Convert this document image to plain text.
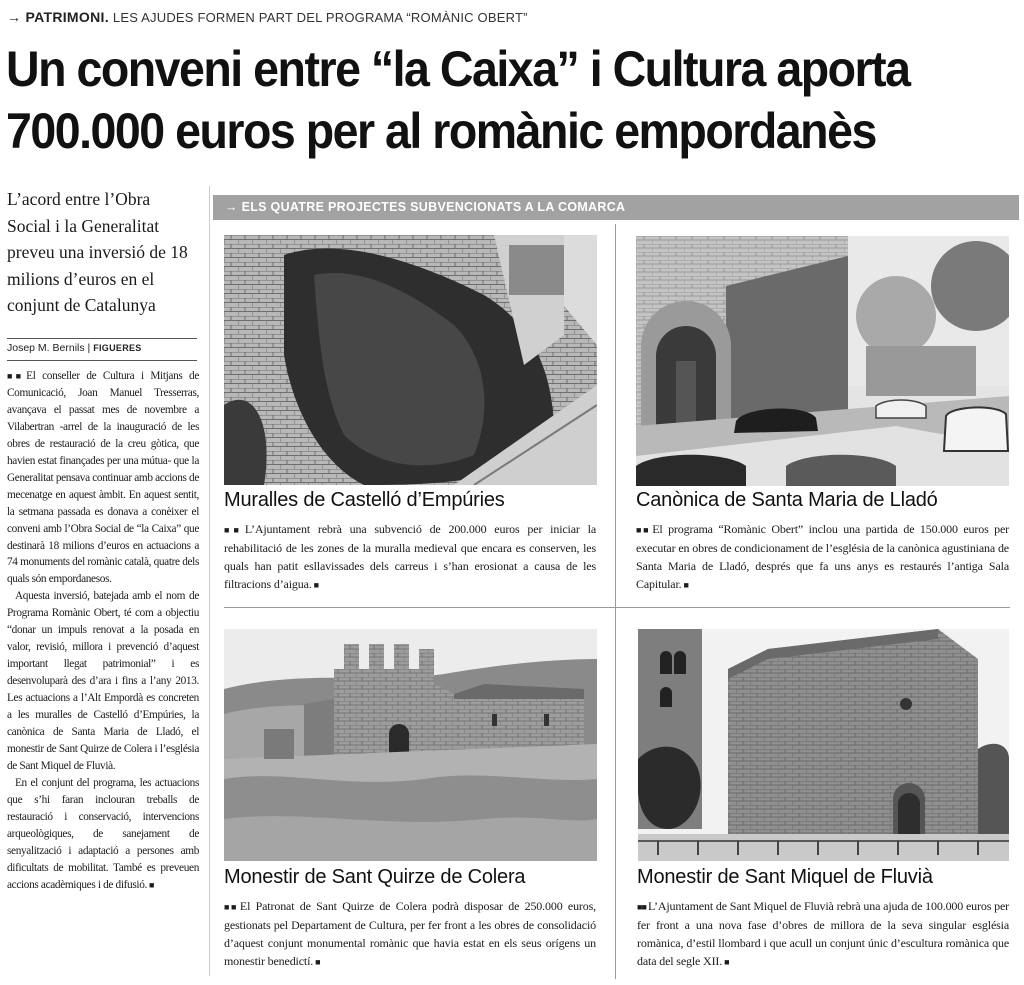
→ PATRIMONI. LES AJUDES FORMEN PART DEL PROGRAMA “ROMÀNIC OBERT”
Un conveni entre “la Caixa” i Cultura aporta
700.000 euros per al romànic empordanès
L’acord entre l’Obra Social i la Generalitat preveu una inversió de 18 milions d’euros en el conjunt de Catalunya
Josep M. Bernils | FIGUERES

■■ El conseller de Cultura i Mitjans de Comunicació, Joan Manuel Tresserras, avançava el passat mes de novembre a Vilabertran -arrel de la inauguració de les obres de restauració de la creu gòtica, que havien estat finançades per una mútua- que la Generalitat pensava continuar amb accions de mecenatge en aquest àmbit. En aquest sentit, la setmana passada es donava a conèixer el conveni amb l’Obra Social de “la Caixa” que destinarà 18 milions d’euros en actuacions a 74 monuments del romànic català, quatre dels quals són empordanesos.

Aquesta inversió, batejada amb el nom de Programa Romànic Obert, té com a objectiu “donar un impuls renovat a la posada en valor, revisió, millora i prevenció d’aquest important llegat patrimonial” i es desenvoluparà des d’ara i fins a l’any 2013. Les actuacions a l’Alt Empordà es concreten a les muralles de Castelló d’Empúries, la canònica de Santa Maria de Lladó, el monestir de Sant Quirze de Colera i l’església de Sant Miquel de Fluvià.

En el conjunt del programa, les actuacions que s’hi faran inclouran treballs de restauració i conservació, intervencions arqueològiques, de sanejament de senyalització i adaptació a persones amb dificultats de mobilitat. També es preveuen accions acadèmiques i de difusió. ■

→ ELS QUATRE PROJECTES SUBVENCIONATS A LA COMARCA
Muralles de Castelló d’Empúries
■■ L’Ajuntament rebrà una subvenció de 200.000 euros per iniciar la rehabilitació de les zones de la muralla medieval que encara es conserven, les quals han patit esllavissades dels carreus i s’han erosionat a causa de les filtracions d’aigua. ■
Canònica de Santa Maria de Lladó
■■ El programa “Romànic Obert” inclou una partida de 150.000 euros per executar en obres de condicionament de l’església de la canònica agustiniana de Santa Maria de Lladó, després que fa uns anys es restaurés l’antiga Sala Capitular. ■
Monestir de Sant Quirze de Colera
■■ El Patronat de Sant Quirze de Colera podrà disposar de 250.000 euros, gestionats pel Departament de Cultura, per fer front a les obres de consolidació d’aquest conjunt monumental romànic que havia estat en els seus orígens un monestir benedictí. ■
Monestir de Sant Miquel de Fluvià
■■ L’Ajuntament de Sant Miquel de Fluvià rebrà una ajuda de 100.000 euros per fer front a una nova fase d’obres de millora de la seva singular església romànica, d’estil llombard i que acull un conjunt únic d’escultura romànica que data del segle XII. ■
